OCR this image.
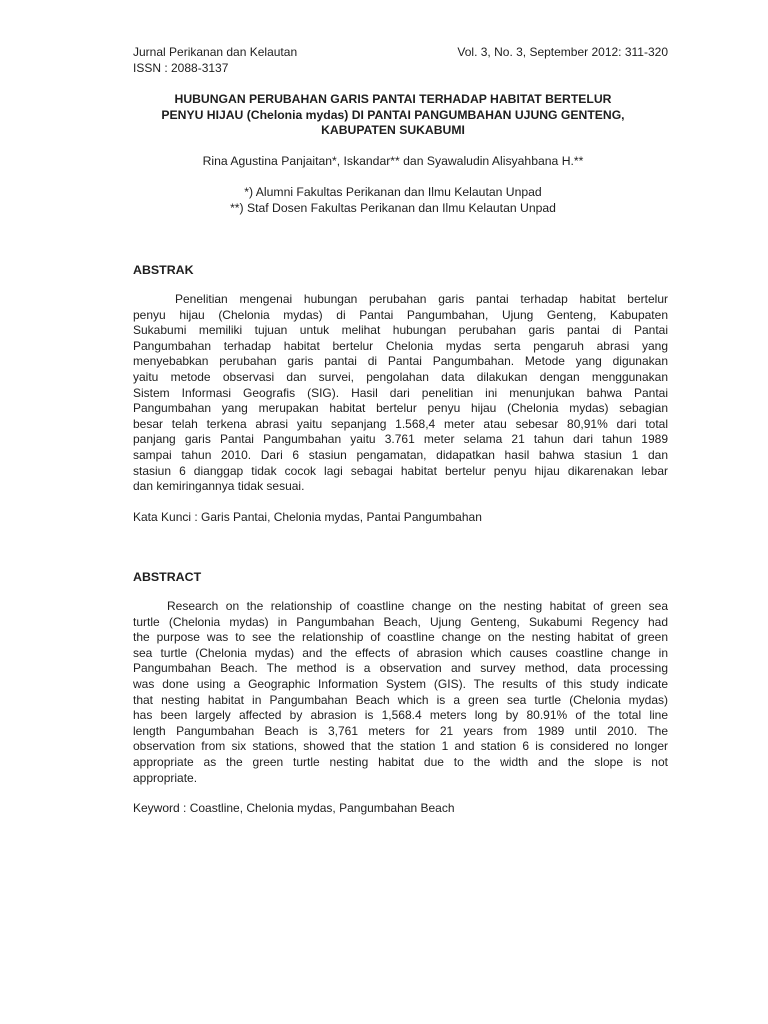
Jurnal Perikanan dan Kelautan
ISSN : 2088-3137
Vol. 3, No. 3, September 2012: 311-320

HUBUNGAN PERUBAHAN GARIS PANTAI TERHADAP HABITAT BERTELUR

PENYU HIJAU (Chelonia mydas) DI PANTAI PANGUMBAHAN UJUNG GENTENG,

KABUPATEN SUKABUMI

Rina Agustina Panjaitan*, Iskandar** dan Syawaludin Alisyahbana H.**

*) Alumni Fakultas Perikanan dan Ilmu Kelautan Unpad

**) Staf Dosen Fakultas Perikanan dan Ilmu Kelautan Unpad

ABSTRAK
Penelitian mengenai hubungan perubahan garis pantai terhadap habitat bertelur
penyu hijau (Chelonia mydas) di Pantai Pangumbahan, Ujung Genteng, Kabupaten
Sukabumi memiliki tujuan untuk melihat hubungan perubahan garis pantai di Pantai
Pangumbahan terhadap habitat bertelur Chelonia mydas serta pengaruh abrasi yang
menyebabkan perubahan garis pantai di Pantai Pangumbahan. Metode yang digunakan
yaitu metode observasi dan survei, pengolahan data dilakukan dengan menggunakan
Sistem Informasi Geografis (SIG). Hasil dari penelitian ini menunjukan bahwa Pantai
Pangumbahan yang merupakan habitat bertelur penyu hijau (Chelonia mydas) sebagian
besar telah terkena abrasi yaitu sepanjang 1.568,4 meter atau sebesar 80,91% dari total
panjang garis Pantai Pangumbahan yaitu 3.761 meter selama 21 tahun dari tahun 1989
sampai tahun 2010. Dari 6 stasiun pengamatan, didapatkan hasil bahwa stasiun 1 dan
stasiun 6 dianggap tidak cocok lagi sebagai habitat bertelur penyu hijau dikarenakan lebar
dan kemiringannya tidak sesuai.
Kata Kunci : Garis Pantai, Chelonia mydas, Pantai Pangumbahan
ABSTRACT
Research on the relationship of coastline change on the nesting habitat of green sea
turtle (Chelonia mydas) in Pangumbahan Beach, Ujung Genteng, Sukabumi Regency had
the purpose was to see the relationship of coastline change on the nesting habitat of green
sea turtle (Chelonia mydas) and the effects of abrasion which causes coastline change in
Pangumbahan Beach. The method is a observation and survey method, data processing
was done using a Geographic Information System (GIS). The results of this study indicate
that nesting habitat in Pangumbahan Beach which is a green sea turtle (Chelonia mydas)
has been largely affected by abrasion is 1,568.4 meters long by 80.91% of the total line
length Pangumbahan Beach is 3,761 meters for 21 years from 1989 until 2010. The
observation from six stations, showed that the station 1 and station 6 is considered no longer
appropriate as the green turtle nesting habitat due to the width and the slope is not
appropriate.
Keyword : Coastline, Chelonia mydas, Pangumbahan Beach
